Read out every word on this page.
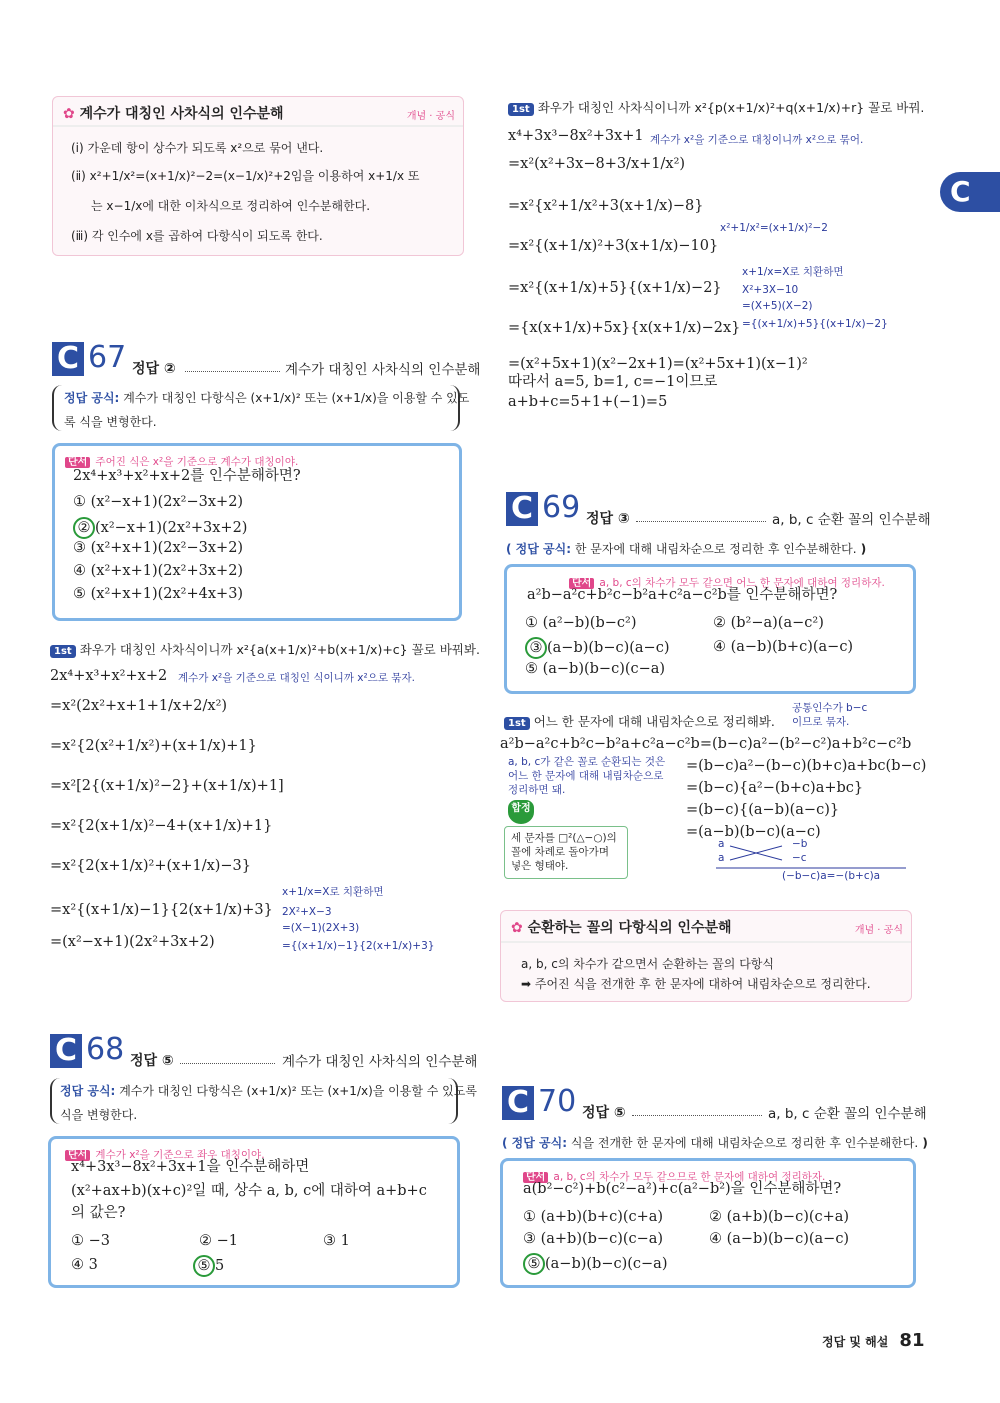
C
✿ 계수가 대칭인 사차식의 인수분해	개념 · 공식
(ⅰ) 가운데 항이 상수가 되도록 x²으로 묶어 낸다.
(ⅱ) x²+1/x²=(x+1/x)²−2=(x−1/x)²+2임을 이용하여 x+1/x 또
는 x−1/x에 대한 이차식으로 정리하여 인수분해한다.
(ⅲ) 각 인수에 x를 곱하여 다항식이 되도록 한다.
C 67 정답 ②	계수가 대칭인 사차식의 인수분해
정답 공식: 계수가 대칭인 다항식은 (x+1/x)² 또는 (x+1/x)을 이용할 수 있도
록 식을 변형한다.
단서 주어진 식은 x²을 기준으로 계수가 대칭이야.
2x⁴+x³+x²+x+2를 인수분해하면?
① (x²−x+1)(2x²−3x+2)
② (x²−x+1)(2x²+3x+2)
③ (x²+x+1)(2x²−3x+2)
④ (x²+x+1)(2x²+3x+2)
⑤ (x²+x+1)(2x²+4x+3)
1st 좌우가 대칭인 사차식이니까 x²{a(x+1/x)²+b(x+1/x)+c} 꼴로 바꿔봐.
2x⁴+x³+x²+x+2 계수가 x²을 기준으로 대칭인 식이니까 x²으로 묶자.
=x²(2x²+x+1+1/x+2/x²)
=x²{2(x²+1/x²)+(x+1/x)+1}
=x²[2{(x+1/x)²−2}+(x+1/x)+1]
=x²{2(x+1/x)²−4+(x+1/x)+1}
=x²{2(x+1/x)²+(x+1/x)−3}
=x²{(x+1/x)−1}{2(x+1/x)+3}
=(x²−x+1)(2x²+3x+2)
x+1/x=X로 치환하면
2X²+X−3
=(X−1)(2X+3)
={(x+1/x)−1}{2(x+1/x)+3}
C 68 정답 ⑤	계수가 대칭인 사차식의 인수분해
정답 공식: 계수가 대칭인 다항식은 (x+1/x)² 또는 (x+1/x)을 이용할 수 있도록
식을 변형한다.
단서 계수가 x²을 기준으로 좌우 대칭이야.
x⁴+3x³−8x²+3x+1을 인수분해하면
(x²+ax+b)(x+c)²일 때, 상수 a, b, c에 대하여 a+b+c
의 값은?
① −3	② −1	③ 1
④ 3	⑤ 5
1st 좌우가 대칭인 사차식이니까 x²{p(x+1/x)²+q(x+1/x)+r} 꼴로 바꿔.
x⁴+3x³−8x²+3x+1 계수가 x²을 기준으로 대칭이니까 x²으로 묶어.
=x²(x²+3x−8+3/x+1/x²)
=x²{x²+1/x²+3(x+1/x)−8}
x²+1/x²=(x+1/x)²−2
=x²{(x+1/x)²+3(x+1/x)−10}
x+1/x=X로 치환하면
=x²{(x+1/x)+5}{(x+1/x)−2} X²+3X−10
=(X+5)(X−2)
={(x+1/x)+5}{(x+1/x)−2}
={x(x+1/x)+5x}{x(x+1/x)−2x}
=(x²+5x+1)(x²−2x+1)=(x²+5x+1)(x−1)²
따라서 a=5, b=1, c=−1이므로
a+b+c=5+1+(−1)=5
C 69 정답 ③	a, b, c 순환 꼴의 인수분해
( 정답 공식: 한 문자에 대해 내림차순으로 정리한 후 인수분해한다. )
단서 a, b, c의 차수가 모두 같으면 어느 한 문자에 대하여 정리하자.
a²b−a²c+b²c−b²a+c²a−c²b를 인수분해하면?
① (a²−b)(b−c²)	② (b²−a)(a−c²)
③ (a−b)(b−c)(a−c)	④ (a−b)(b+c)(a−c)
⑤ (a−b)(b−c)(c−a)
1st 어느 한 문자에 대해 내림차순으로 정리해봐.
공통인수가 b−c
이므로 묶자.
a²b−a²c+b²c−b²a+c²a−c²b=(b−c)a²−(b²−c²)a+b²c−c²b
=(b−c)a²−(b−c)(b+c)a+bc(b−c)
=(b−c){a²−(b+c)a+bc}
=(b−c){(a−b)(a−c)}
=(a−b)(b−c)(a−c)
a, b, c가 같은 꼴로 순환되는 것은
어느 한 문자에 대해 내림차순으로
정리하면 돼.
합정
세 문자를 □²(△−○)의
꼴에 차례로 돌아가며
넣은 형태야.
a	−b
a	−c
(−b−c)a=−(b+c)a
✿ 순환하는 꼴의 다항식의 인수분해	개념 · 공식
a, b, c의 차수가 같으면서 순환하는 꼴의 다항식
➡ 주어진 식을 전개한 후 한 문자에 대하여 내림차순으로 정리한다.
C 70 정답 ⑤	a, b, c 순환 꼴의 인수분해
( 정답 공식: 식을 전개한 한 문자에 대해 내림차순으로 정리한 후 인수분해한다. )
단서 a, b, c의 차수가 모두 같으므로 한 문자에 대하여 정리하자.
a(b²−c²)+b(c²−a²)+c(a²−b²)을 인수분해하면?
① (a+b)(b+c)(c+a)	② (a+b)(b−c)(c+a)
③ (a+b)(b−c)(c−a)	④ (a−b)(b−c)(a−c)
⑤ (a−b)(b−c)(c−a)
정답 및 해설 81
